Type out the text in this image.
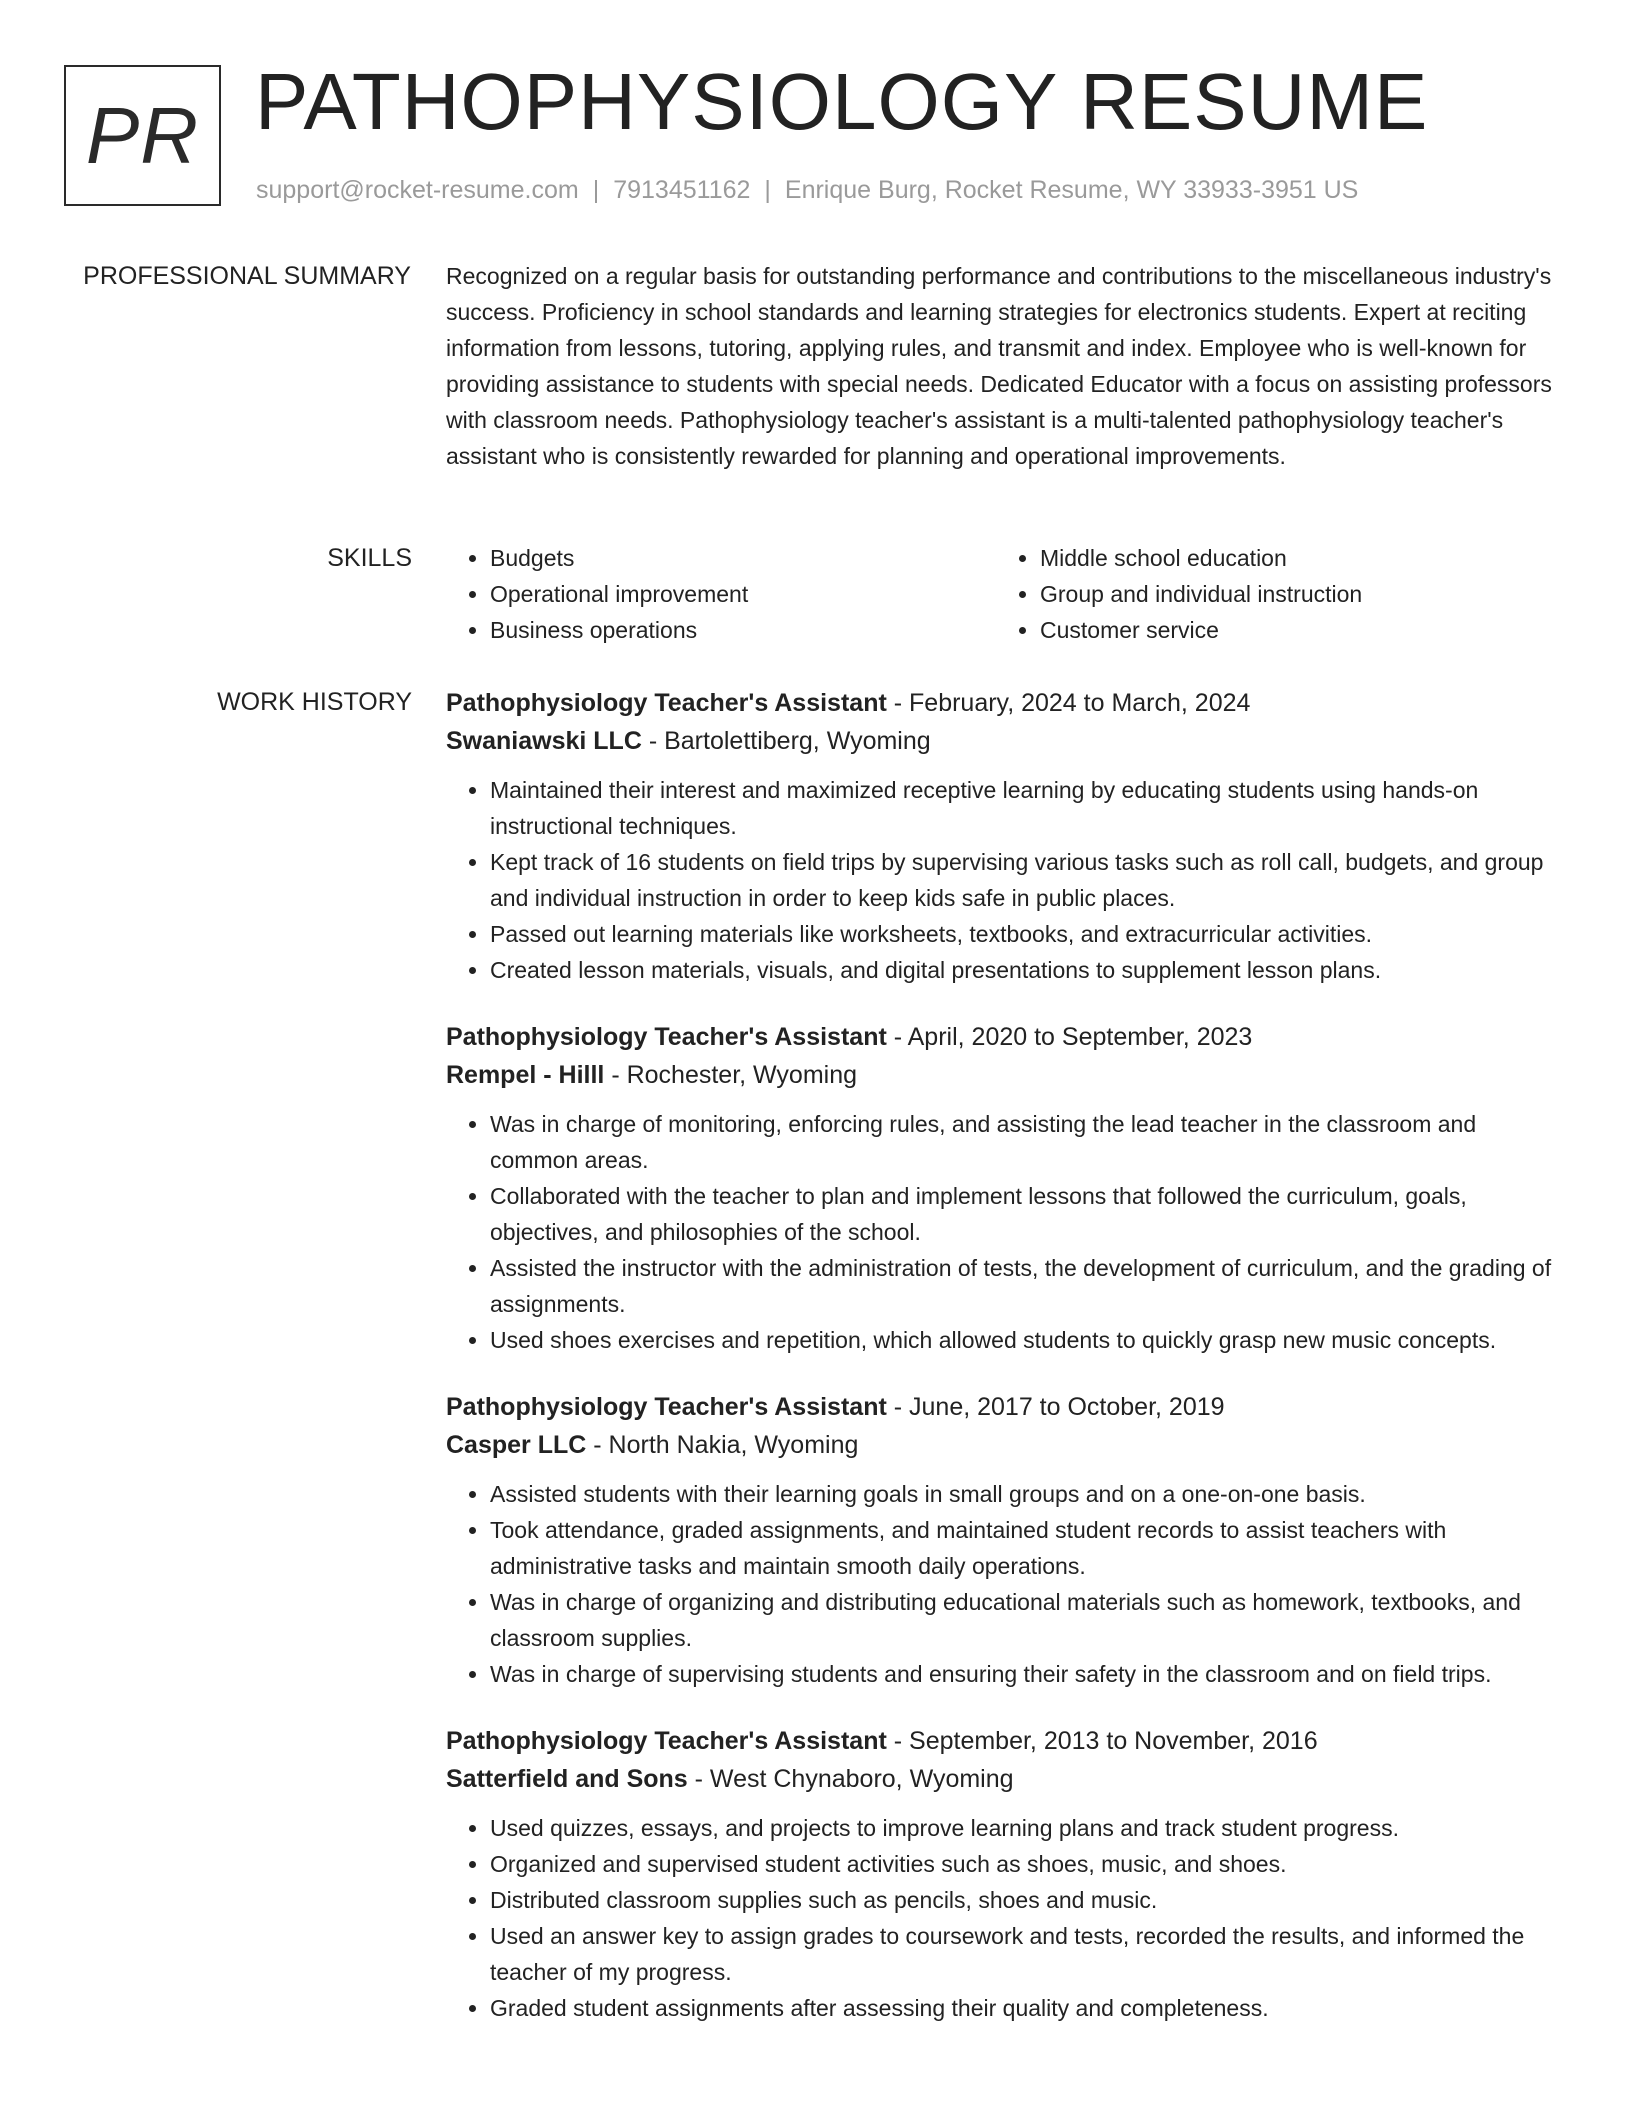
PR PATHOPHYSIOLOGY RESUME
support@rocket-resume.com | 7913451162 | Enrique Burg, Rocket Resume, WY 33933-3951 US
PROFESSIONAL SUMMARY Recognized on a regular basis for outstanding performance and contributions to the miscellaneous industry's success. Proficiency in school standards and learning strategies for electronics students. Expert at reciting information from lessons, tutoring, applying rules, and transmit and index. Employee who is well-known for providing assistance to students with special needs. Dedicated Educator with a focus on assisting professors with classroom needs. Pathophysiology teacher's assistant is a multi-talented pathophysiology teacher's assistant who is consistently rewarded for planning and operational improvements.

SKILLS
•	Budgets
• Operational improvement
• Business operations
• Middle school education
• Group and individual instruction
• Customer service
WORK HISTORY Pathophysiology Teacher's Assistant - February, 2024 to March, 2024
Swaniawski LLC - Bartolettiberg, Wyoming
• Maintained their interest and maximized receptive learning by educating students using hands-on instructional techniques.
• Kept track of 16 students on field trips by supervising various tasks such as roll call, budgets, and group and individual instruction in order to keep kids safe in public places.
• Passed out learning materials like worksheets, textbooks, and extracurricular activities.
• Created lesson materials, visuals, and digital presentations to supplement lesson plans.
Pathophysiology Teacher's Assistant - April, 2020 to September, 2023
Rempel - Hilll - Rochester, Wyoming
• Was in charge of monitoring, enforcing rules, and assisting the lead teacher in the classroom and common areas.
• Collaborated with the teacher to plan and implement lessons that followed the curriculum, goals, objectives, and philosophies of the school.
• Assisted the instructor with the administration of tests, the development of curriculum, and the grading of assignments.
• Used shoes exercises and repetition, which allowed students to quickly grasp new music concepts.
Pathophysiology Teacher's Assistant - June, 2017 to October, 2019
Casper LLC - North Nakia, Wyoming
• Assisted students with their learning goals in small groups and on a one-on-one basis.
• Took attendance, graded assignments, and maintained student records to assist teachers with administrative tasks and maintain smooth daily operations.
• Was in charge of organizing and distributing educational materials such as homework, textbooks, and classroom supplies.
• Was in charge of supervising students and ensuring their safety in the classroom and on field trips.
Pathophysiology Teacher's Assistant - September, 2013 to November, 2016
Satterfield and Sons - West Chynaboro, Wyoming
• Used quizzes, essays, and projects to improve learning plans and track student progress.
• Organized and supervised student activities such as shoes, music, and shoes.
• Distributed classroom supplies such as pencils, shoes and music.
• Used an answer key to assign grades to coursework and tests, recorded the results, and informed the teacher of my progress.
• Graded student assignments after assessing their quality and completeness.
